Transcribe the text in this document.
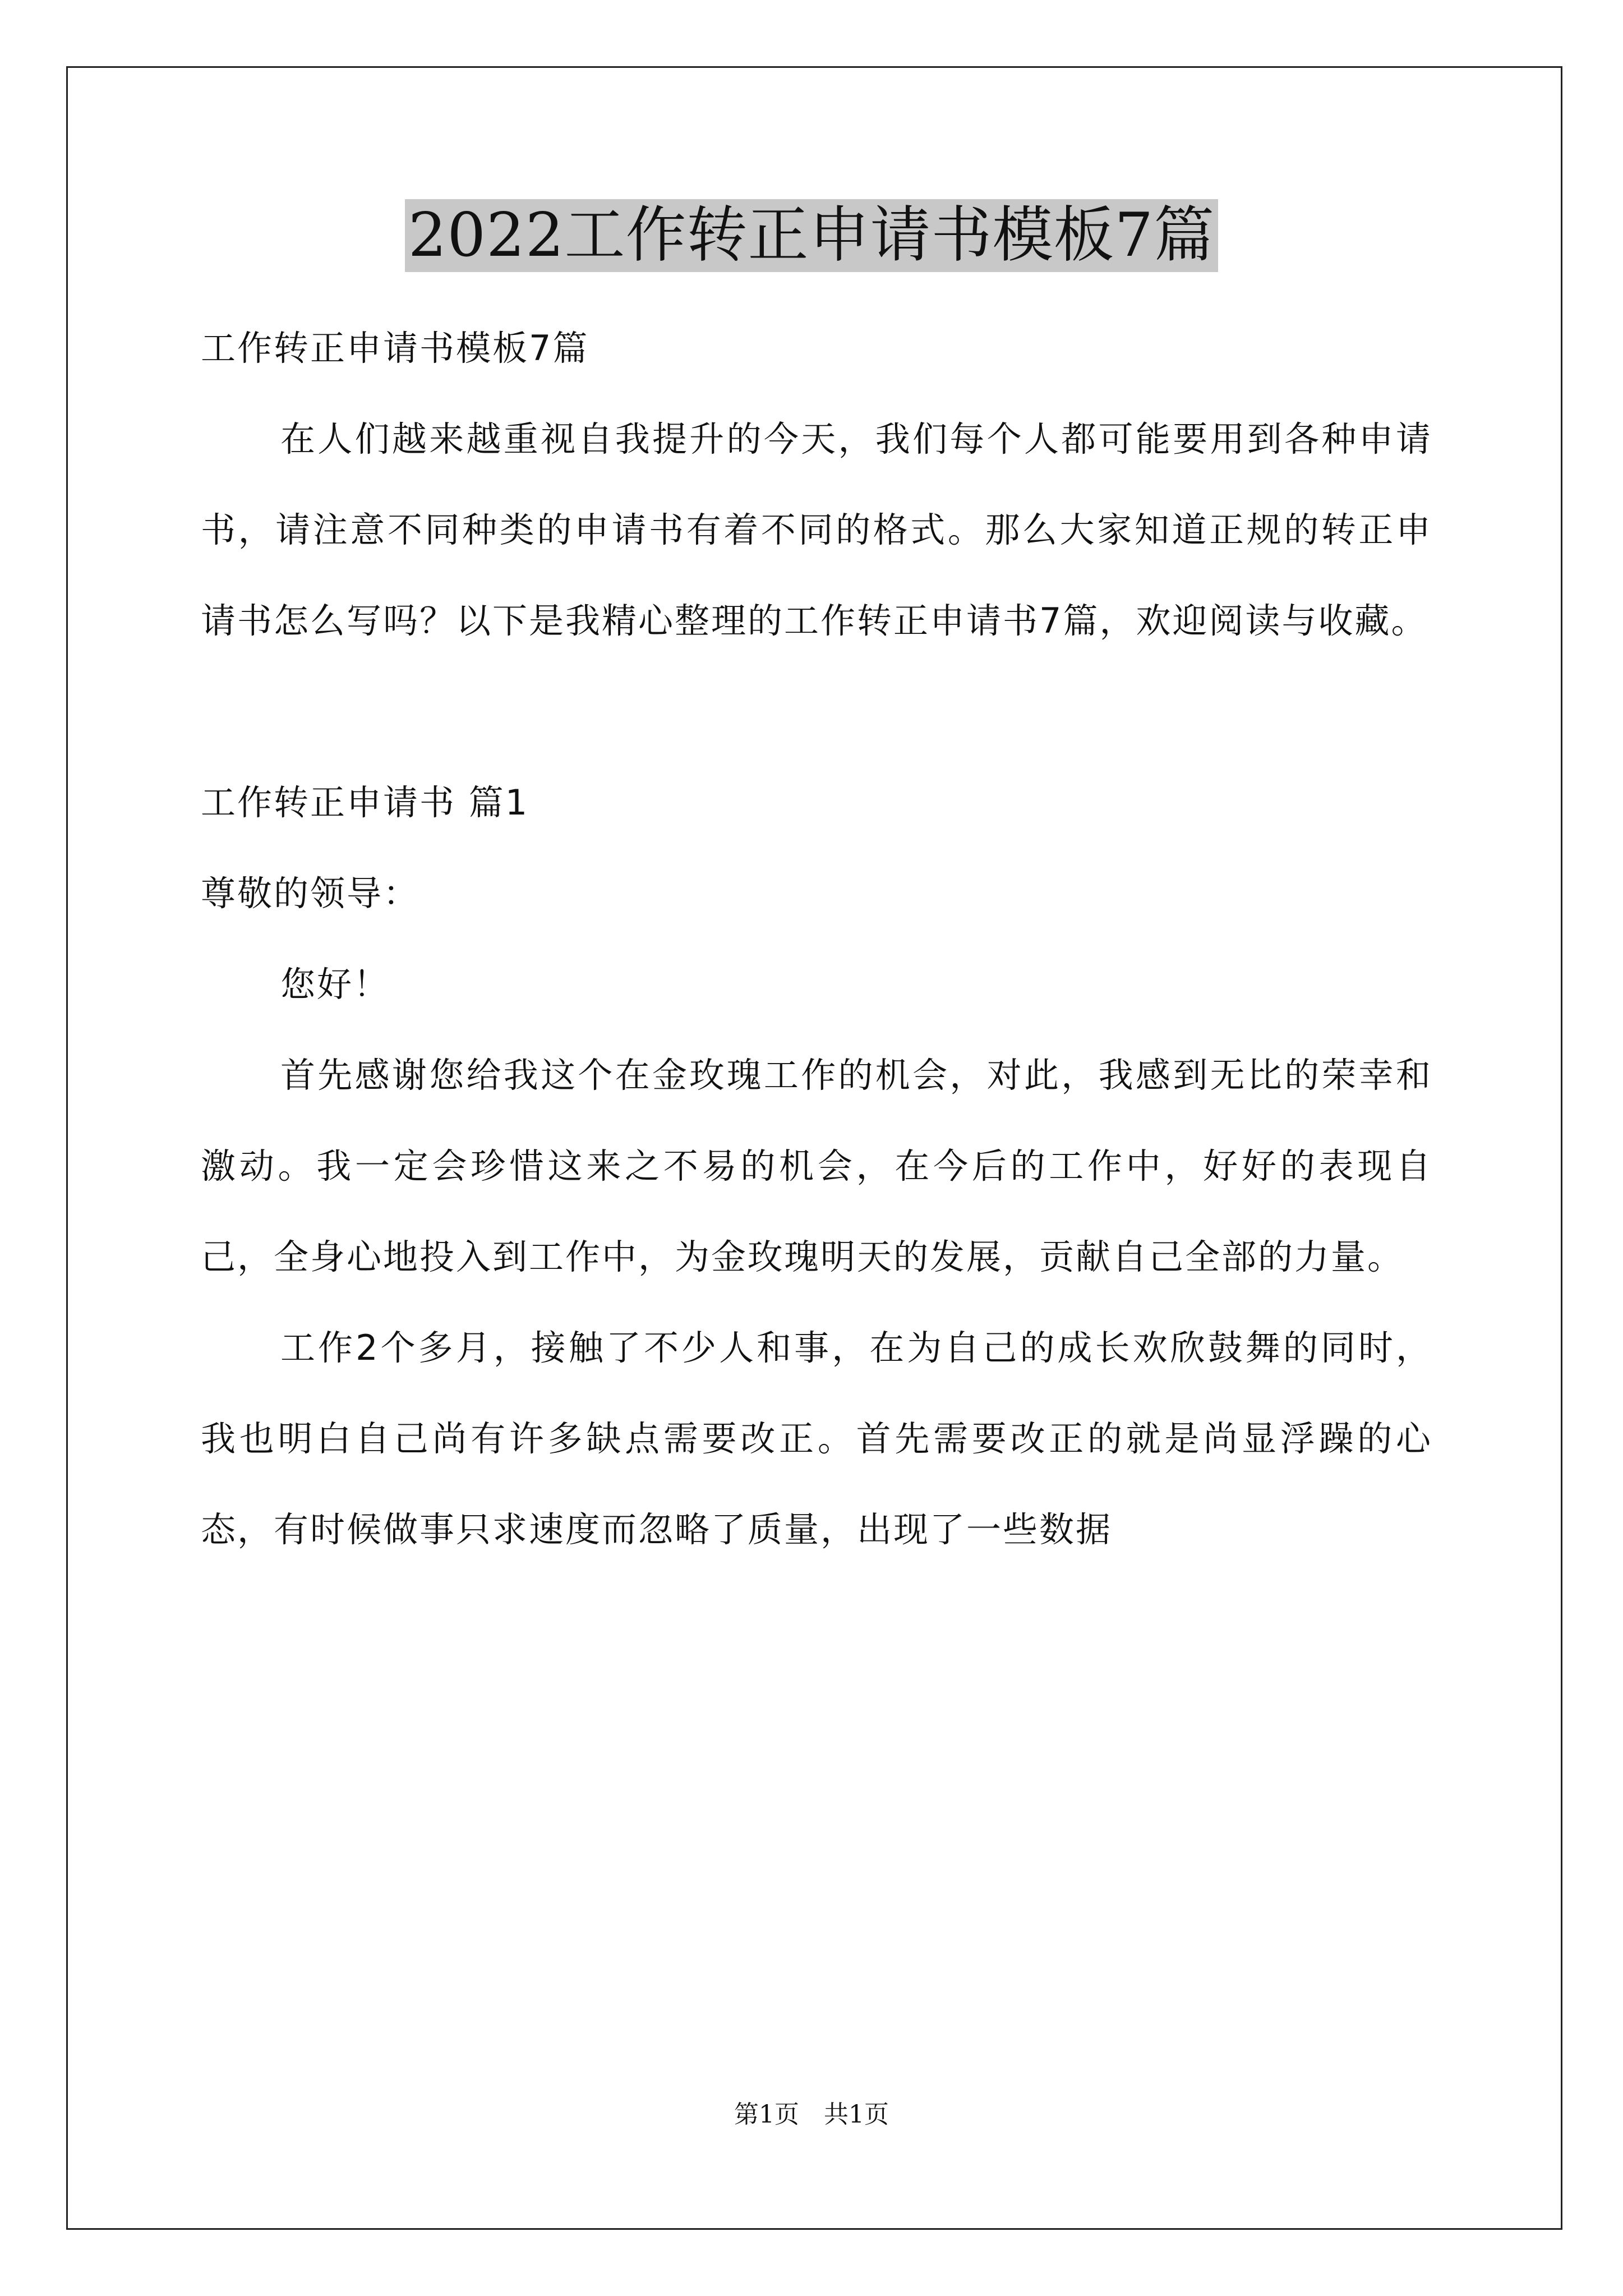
2022工作转正申请书模板7篇

工作转正申请书模板7篇

在人们越来越重视自我提升的今天，我们每个人都可能要用到各种申请书，请注意不同种类的申请书有着不同的格式。那么大家知道正规的转正申请书怎么写吗？以下是我精心整理的工作转正申请书7篇，欢迎阅读与收藏。

工作转正申请书 篇1

尊敬的领导：

您好！

首先感谢您给我这个在金玫瑰工作的机会，对此，我感到无比的荣幸和激动。我一定会珍惜这来之不易的机会，在今后的工作中，好好的表现自己，全身心地投入到工作中，为金玫瑰明天的发展，贡献自己全部的力量。

工作2个多月，接触了不少人和事，在为自己的成长欢欣鼓舞的同时，我也明白自己尚有许多缺点需要改正。首先需要改正的就是尚显浮躁的心态，有时候做事只求速度而忽略了质量，出现了一些数据

第1页　共1页
